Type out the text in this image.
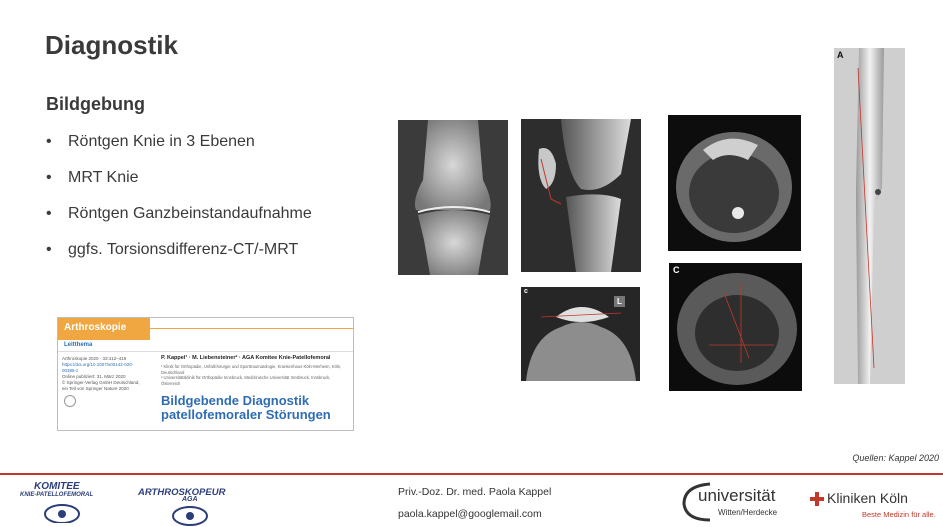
Diagnostik
Bildgebung
•	Röntgen Knie in 3 Ebenen
•	MRT Knie
•	Röntgen Ganzbeinstandaufnahme
•	ggfs. Torsionsdifferenz-CT/-MRT
Arthroskopie
Leitthema
Arthroskopie 2020 · 33:412–419
https://doi.org/10.1007/s00142-020-00385-z
Online publiziert: 31. März 2020
© Springer-Verlag GmbH Deutschland, ein Teil von Springer Nature 2020
P. Kappel¹ · M. Liebensteiner² · AGA Komitee Knie-Patellofemoral
¹ Klinik für Orthopädie, Unfallchirurgie und Sporttraumatologie, Krankenhaus Köln-Merheim, Köln, Deutschland
² Universitätsklinik für Orthopädie Innsbruck, Medizinische Universität Innsbruck, Innsbruck, Österreich
Bildgebende Diagnostik
patellofemoraler Störungen
A
c
L
C
Quellen: Kappel 2020
KOMITEE
KNIE-PATELLOFEMORAL	ARTHROSKOPEUR
AGA
Priv.-Doz. Dr. med. Paola Kappel
paola.kappel@googlemail.com
universität
Witten/Herdecke
Kliniken Köln
Beste Medizin für alle.
